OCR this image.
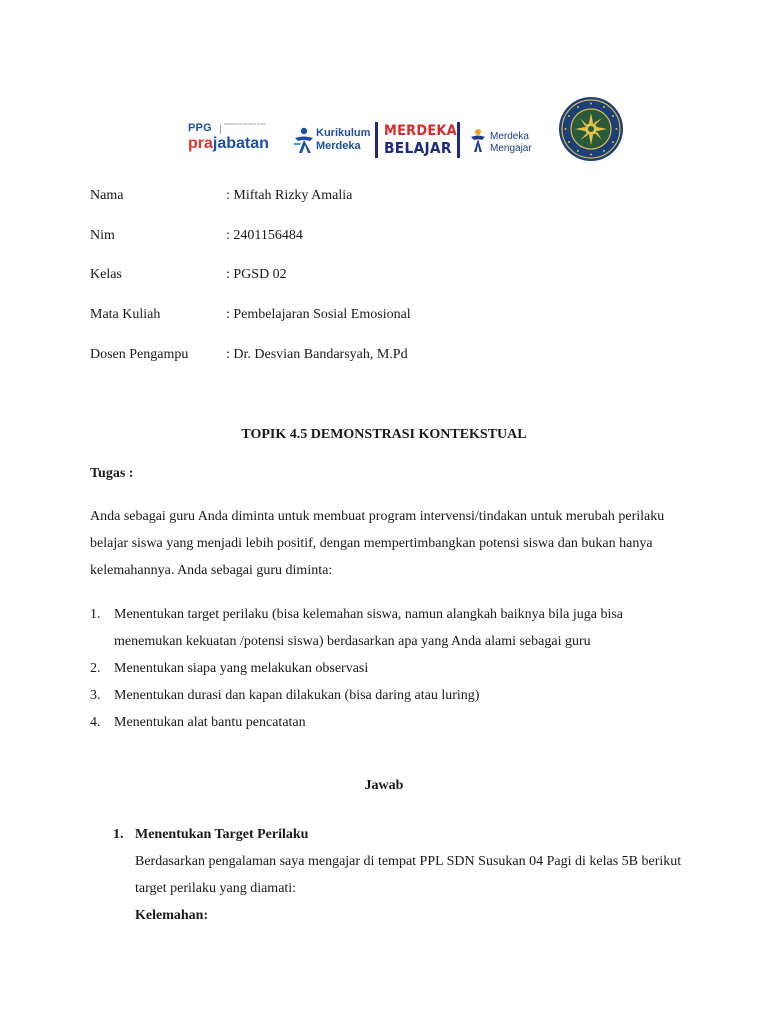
PPG	PENDIDIKAN PROFESI GURU
prajabatan
Kurikulum
Merdeka
MERDEKA
BELAJAR
Merdeka
Mengajar
Nama	: Miftah Rizky Amalia
Nim	: 2401156484
Kelas	: PGSD 02
Mata Kuliah	: Pembelajaran Sosial Emosional
Dosen Pengampu	: Dr. Desvian Bandarsyah, M.Pd
TOPIK 4.5 DEMONSTRASI KONTEKSTUAL
Tugas :
Anda sebagai guru Anda diminta untuk membuat program intervensi/tindakan untuk merubah perilaku belajar siswa yang menjadi lebih positif, dengan mempertimbangkan potensi siswa dan bukan hanya kelemahannya. Anda sebagai guru diminta:
1. Menentukan target perilaku (bisa kelemahan siswa, namun alangkah baiknya bila juga bisa menemukan kekuatan /potensi siswa) berdasarkan apa yang Anda alami sebagai guru
2. Menentukan siapa yang melakukan observasi
3. Menentukan durasi dan kapan dilakukan (bisa daring atau luring)
4. Menentukan alat bantu pencatatan
Jawab
1. Menentukan Target Perilaku
Berdasarkan pengalaman saya mengajar di tempat PPL SDN Susukan 04 Pagi di kelas 5B berikut target perilaku yang diamati:
Kelemahan:
